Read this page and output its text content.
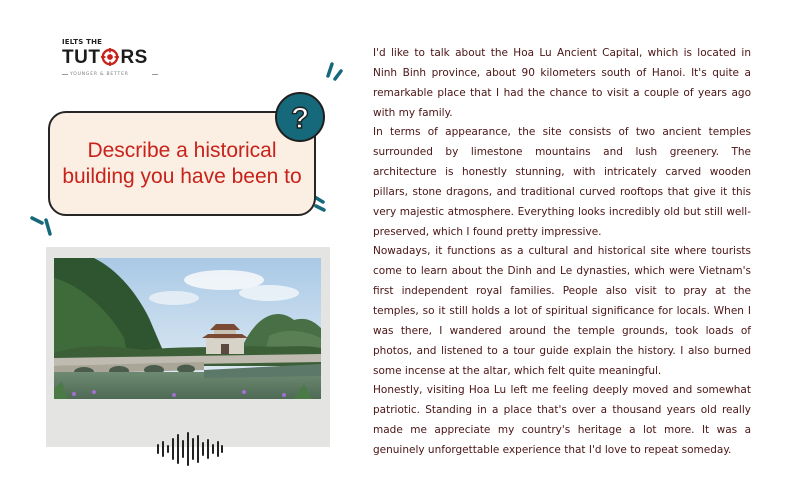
IELTS THE
TUT RS
YOUNGER & BETTER

Describe a historical building you have been to

?

I'd like to talk about the Hoa Lu Ancient Capital, which is located in Ninh Binh province, about 90 kilometers south of Hanoi. It's quite a remarkable place that I had the chance to visit a couple of years ago with my family.

In terms of appearance, the site consists of two ancient temples surrounded by limestone mountains and lush greenery. The architecture is honestly stunning, with intricately carved wooden pillars, stone dragons, and traditional curved rooftops that give it this very majestic atmosphere. Everything looks incredibly old but still well-preserved, which I found pretty impressive.

Nowadays, it functions as a cultural and historical site where tourists come to learn about the Dinh and Le dynasties, which were Vietnam's first independent royal families. People also visit to pray at the temples, so it still holds a lot of spiritual significance for locals. When I was there, I wandered around the temple grounds, took loads of photos, and listened to a tour guide explain the history. I also burned some incense at the altar, which felt quite meaningful.

Honestly, visiting Hoa Lu left me feeling deeply moved and somewhat patriotic. Standing in a place that's over a thousand years old really made me appreciate my country's heritage a lot more. It was a genuinely unforgettable experience that I'd love to repeat someday.
